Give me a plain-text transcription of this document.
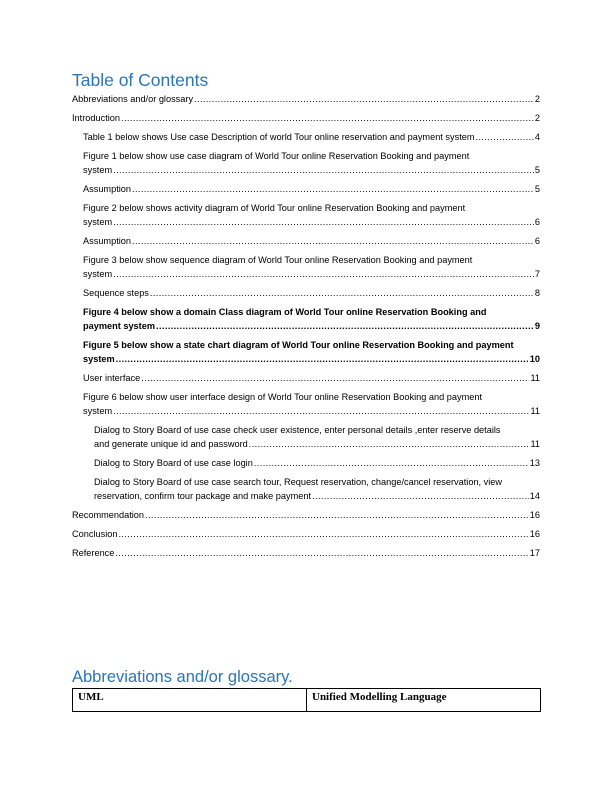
Table of Contents
Abbreviations and/or glossary .....	2
Introduction .....	2
Table 1 below shows Use case Description of world Tour online reservation and payment system .....	4
Figure 1 below show use case diagram of World Tour online Reservation Booking and payment
system .....	5
Assumption .....	5
Figure 2 below shows activity diagram of World Tour online Reservation Booking and payment
system .....	6
Assumption .....	6
Figure 3 below show sequence diagram of World Tour online Reservation Booking and payment
system .....	7
Sequence steps .....	8
Figure 4 below show a domain Class diagram of World Tour online Reservation Booking and
payment system .....	9
Figure 5 below show a state chart diagram of World Tour online Reservation Booking and payment
system .....	10
User interface .....	11
Figure 6 below show user interface design of World Tour online Reservation Booking and payment
system .....	11
Dialog to Story Board of use case check user existence, enter personal details ,enter reserve details
and generate unique id and password .....	11
Dialog to Story Board of use case login .....	13
Dialog to Story Board of use case search tour, Request reservation, change/cancel reservation, view
reservation, confirm tour package and make payment .....	14
Recommendation .....	16
Conclusion .....	16
Reference .....	17
Abbreviations and/or glossary.
UML	Unified Modelling Language
